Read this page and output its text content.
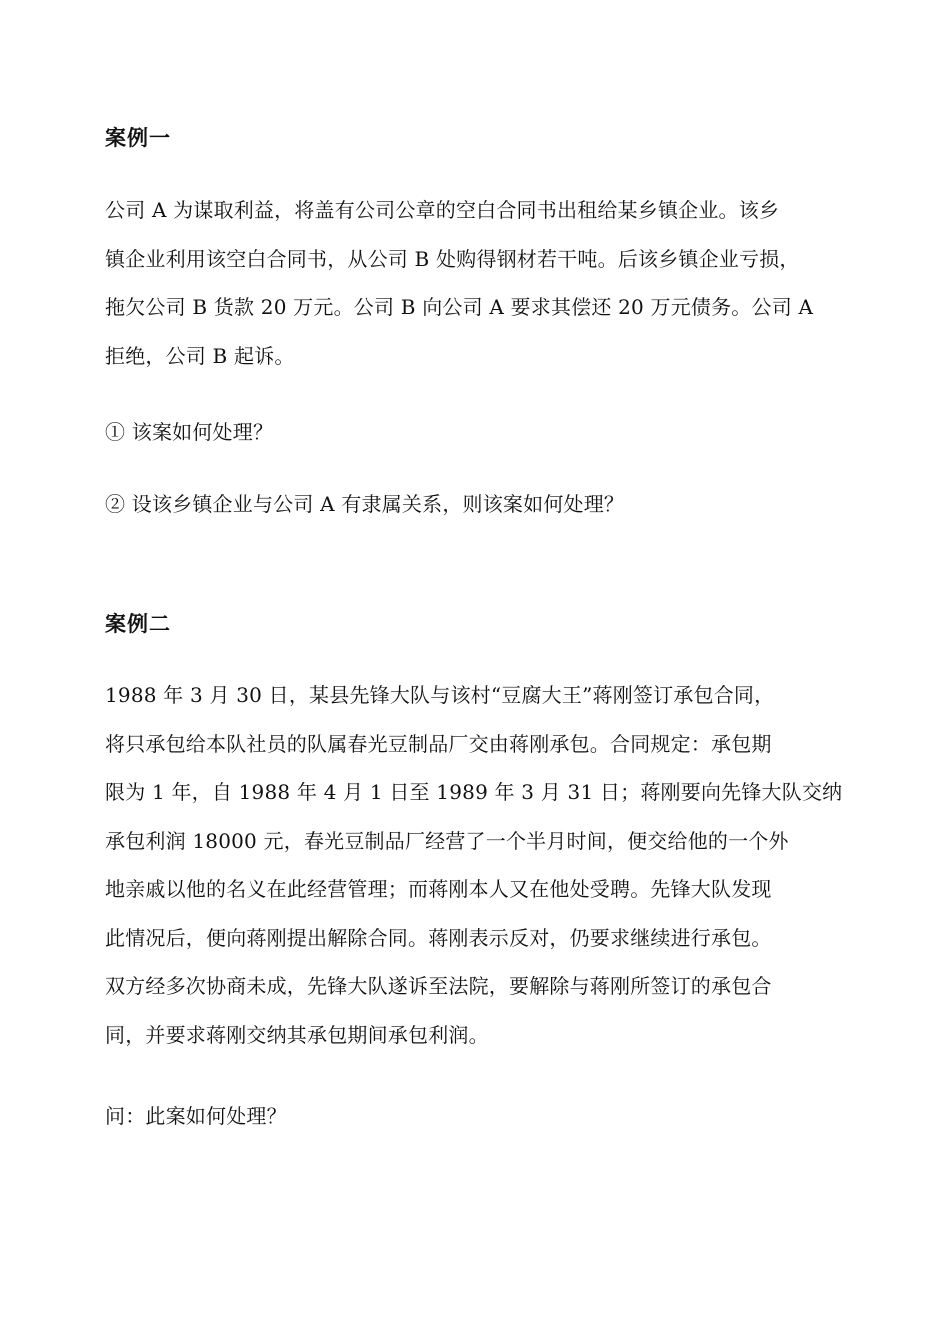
案例一

公司 A 为谋取利益，将盖有公司公章的空白合同书出租给某乡镇企业。该乡
镇企业利用该空白合同书，从公司 B 处购得钢材若干吨。后该乡镇企业亏损，
拖欠公司 B 货款 20 万元。公司 B 向公司 A 要求其偿还 20 万元债务。公司 A
拒绝，公司 B 起诉。

① 该案如何处理？

② 设该乡镇企业与公司 A 有隶属关系，则该案如何处理？

案例二

1988 年 3 月 30 日，某县先锋大队与该村“豆腐大王”蒋刚签订承包合同，
将只承包给本队社员的队属春光豆制品厂交由蒋刚承包。合同规定：承包期
限为 1 年，自 1988 年 4 月 1 日至 1989 年 3 月 31 日；蒋刚要向先锋大队交纳
承包利润 18000 元，春光豆制品厂经营了一个半月时间，便交给他的一个外
地亲戚以他的名义在此经营管理；而蒋刚本人又在他处受聘。先锋大队发现
此情况后，便向蒋刚提出解除合同。蒋刚表示反对，仍要求继续进行承包。
双方经多次协商未成，先锋大队遂诉至法院，要解除与蒋刚所签订的承包合
同，并要求蒋刚交纳其承包期间承包利润。

问：此案如何处理？
